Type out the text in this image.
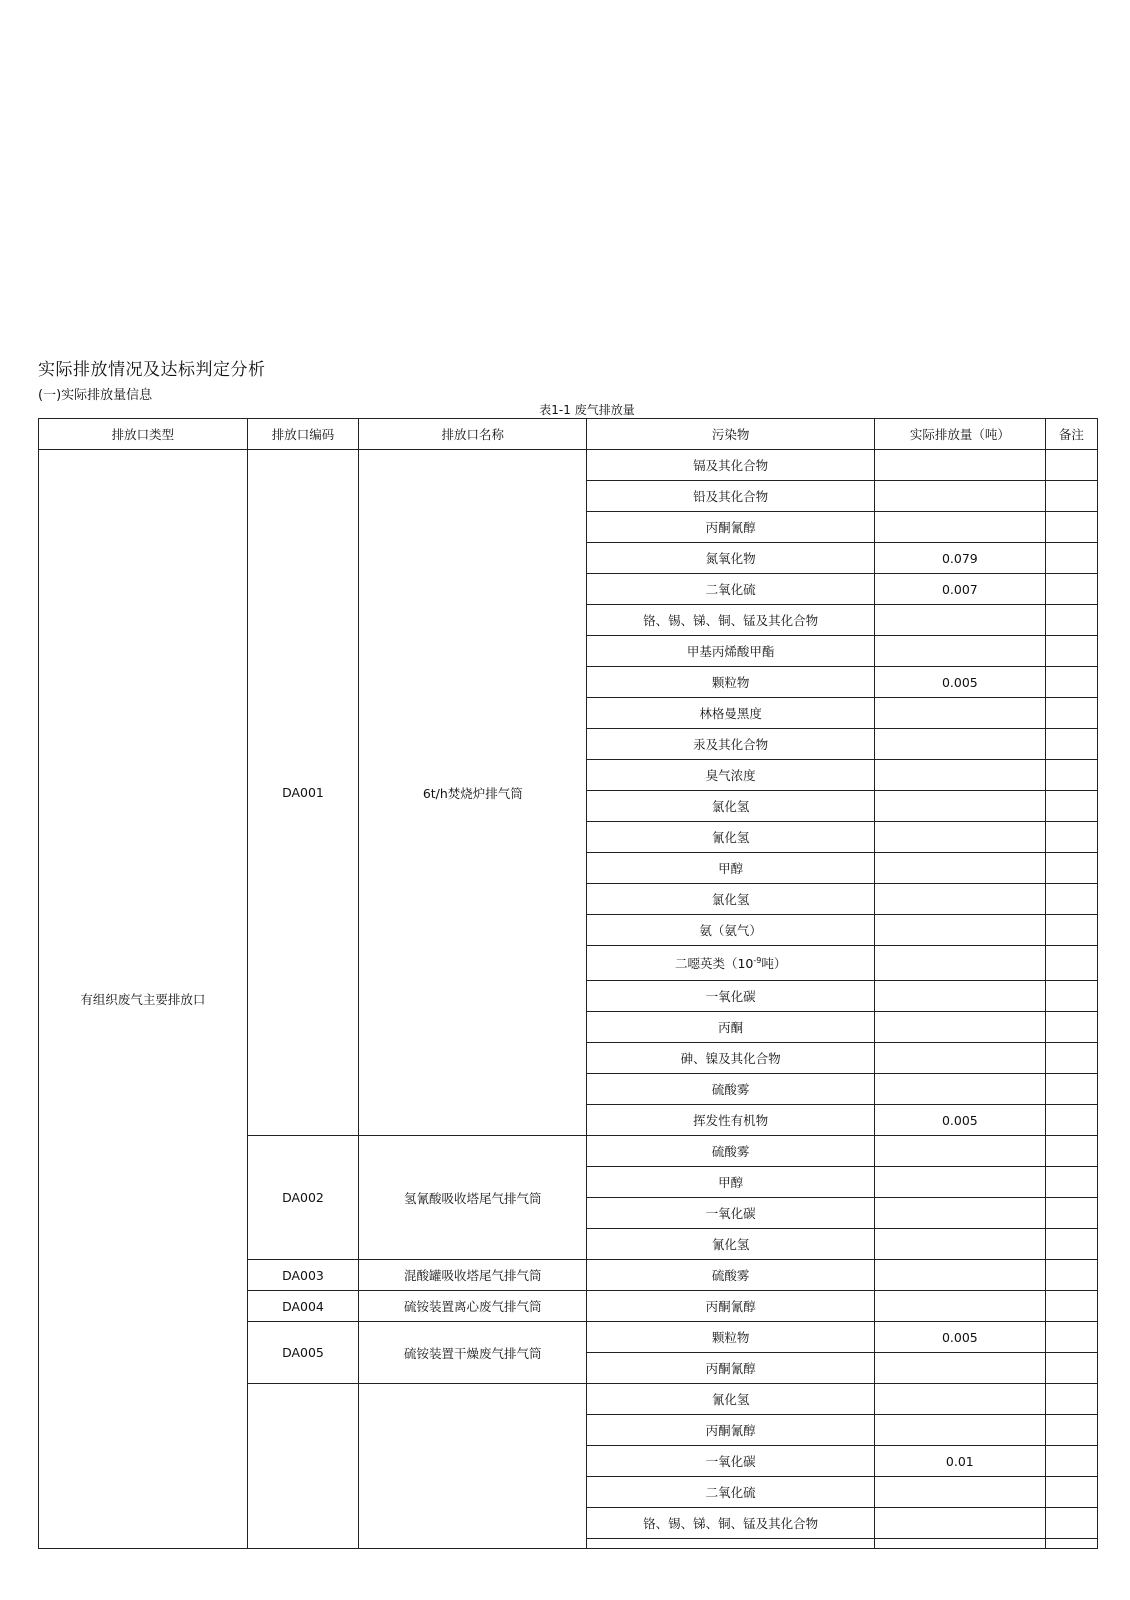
实际排放情况及达标判定分析
(一)实际排放量信息
表1-1 废气排放量
排放口类型	排放口编码	排放口名称	污染物	实际排放量（吨）	备注
有组织废气主要排放口	DA001	6t/h焚烧炉排气筒	镉及其化合物		
			铅及其化合物		
			丙酮氰醇		
			氮氧化物	0.079	
			二氧化硫	0.007	
			铬、锡、锑、铜、锰及其化合物		
			甲基丙烯酸甲酯		
			颗粒物	0.005	
			林格曼黑度		
			汞及其化合物		
			臭气浓度		
			氯化氢		
			氰化氢		
			甲醇		
			氯化氢		
			氨（氨气）		
			二噁英类（$10^{-9}$吨）		
			一氧化碳		
			丙酮		
			砷、镍及其化合物		
			硫酸雾		
			挥发性有机物	0.005	
	DA002	氢氰酸吸收塔尾气排气筒	硫酸雾		
			甲醇		
			一氧化碳		
			氰化氢		
	DA003	混酸罐吸收塔尾气排气筒	硫酸雾		
	DA004	硫铵装置离心废气排气筒	丙酮氰醇		
	DA005	硫铵装置干燥废气排气筒	颗粒物	0.005	
			丙酮氰醇		
			氰化氢		
			丙酮氰醇		
			一氧化碳	0.01	
			二氧化硫		
			铬、锡、锑、铜、锰及其化合物		
